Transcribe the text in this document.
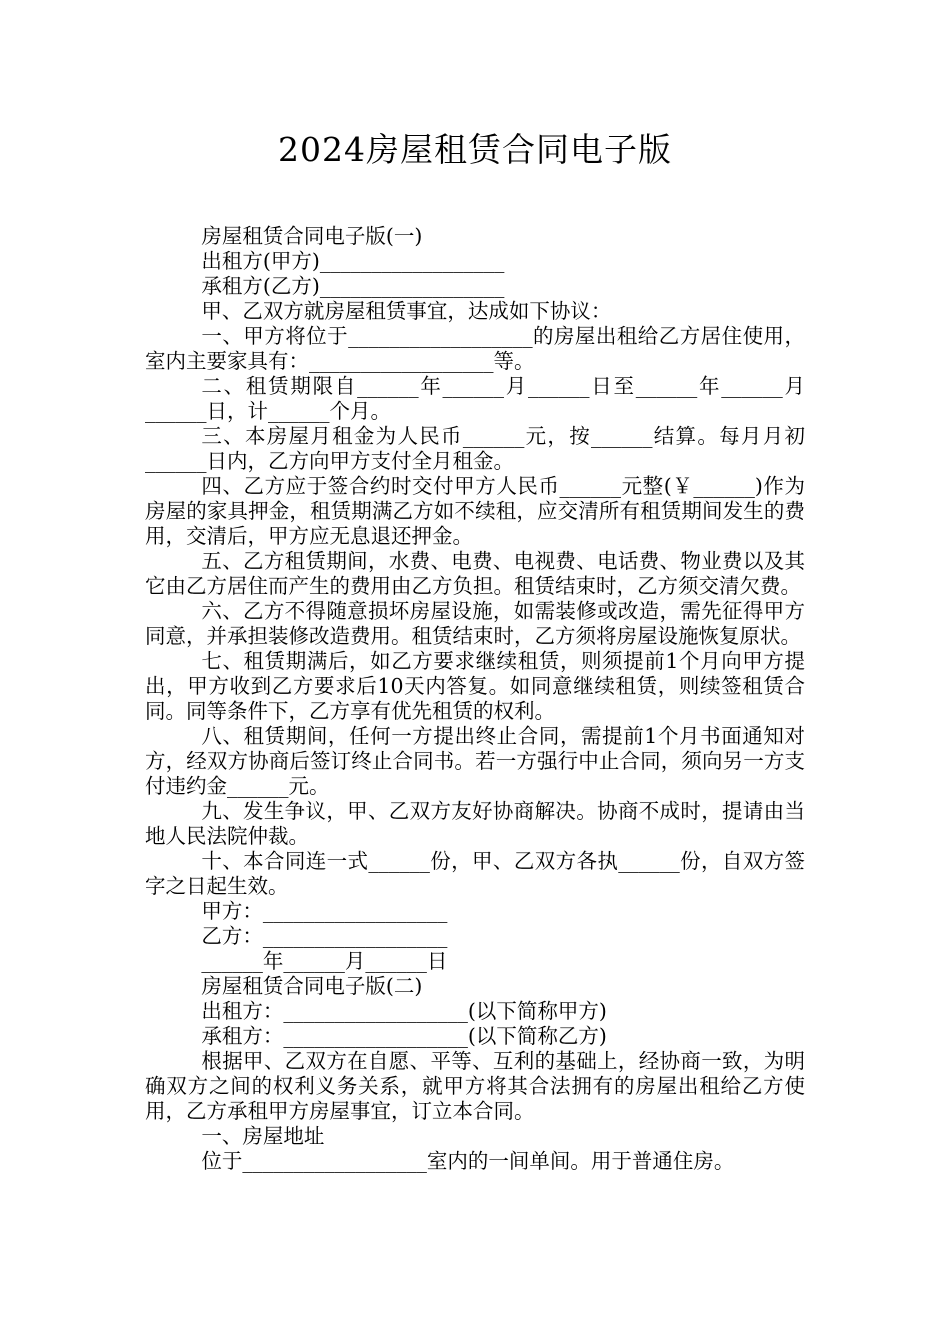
2024房屋租赁合同电子版

房屋租赁合同电子版(一)

出租方(甲方)__________________

承租方(乙方)__________________

甲、乙双方就房屋租赁事宜，达成如下协议：

一、甲方将位于__________________的房屋出租给乙方居住使用，室内主要家具有：__________________等。

二、租赁期限自______年______月______日至______年______月______日，计______个月。

三、本房屋月租金为人民币______元，按______结算。每月月初______日内，乙方向甲方支付全月租金。

四、乙方应于签合约时交付甲方人民币______元整(￥______)作为房屋的家具押金，租赁期满乙方如不续租，应交清所有租赁期间发生的费用，交清后，甲方应无息退还押金。

五、乙方租赁期间，水费、电费、电视费、电话费、物业费以及其它由乙方居住而产生的费用由乙方负担。租赁结束时，乙方须交清欠费。

六、乙方不得随意损坏房屋设施，如需装修或改造，需先征得甲方同意，并承担装修改造费用。租赁结束时，乙方须将房屋设施恢复原状。

七、租赁期满后，如乙方要求继续租赁，则须提前1个月向甲方提出，甲方收到乙方要求后10天内答复。如同意继续租赁，则续签租赁合同。同等条件下，乙方享有优先租赁的权利。

八、租赁期间，任何一方提出终止合同，需提前1个月书面通知对方，经双方协商后签订终止合同书。若一方强行中止合同，须向另一方支付违约金______元。

九、发生争议，甲、乙双方友好协商解决。协商不成时，提请由当地人民法院仲裁。

十、本合同连一式______份，甲、乙双方各执______份，自双方签字之日起生效。

甲方：__________________

乙方：__________________

______年______月______日

房屋租赁合同电子版(二)

出租方：__________________(以下简称甲方)

承租方：__________________(以下简称乙方)

根据甲、乙双方在自愿、平等、互利的基础上，经协商一致，为明确双方之间的权利义务关系，就甲方将其合法拥有的房屋出租给乙方使用，乙方承租甲方房屋事宜，订立本合同。

一、房屋地址

位于__________________室内的一间单间。用于普通住房。
